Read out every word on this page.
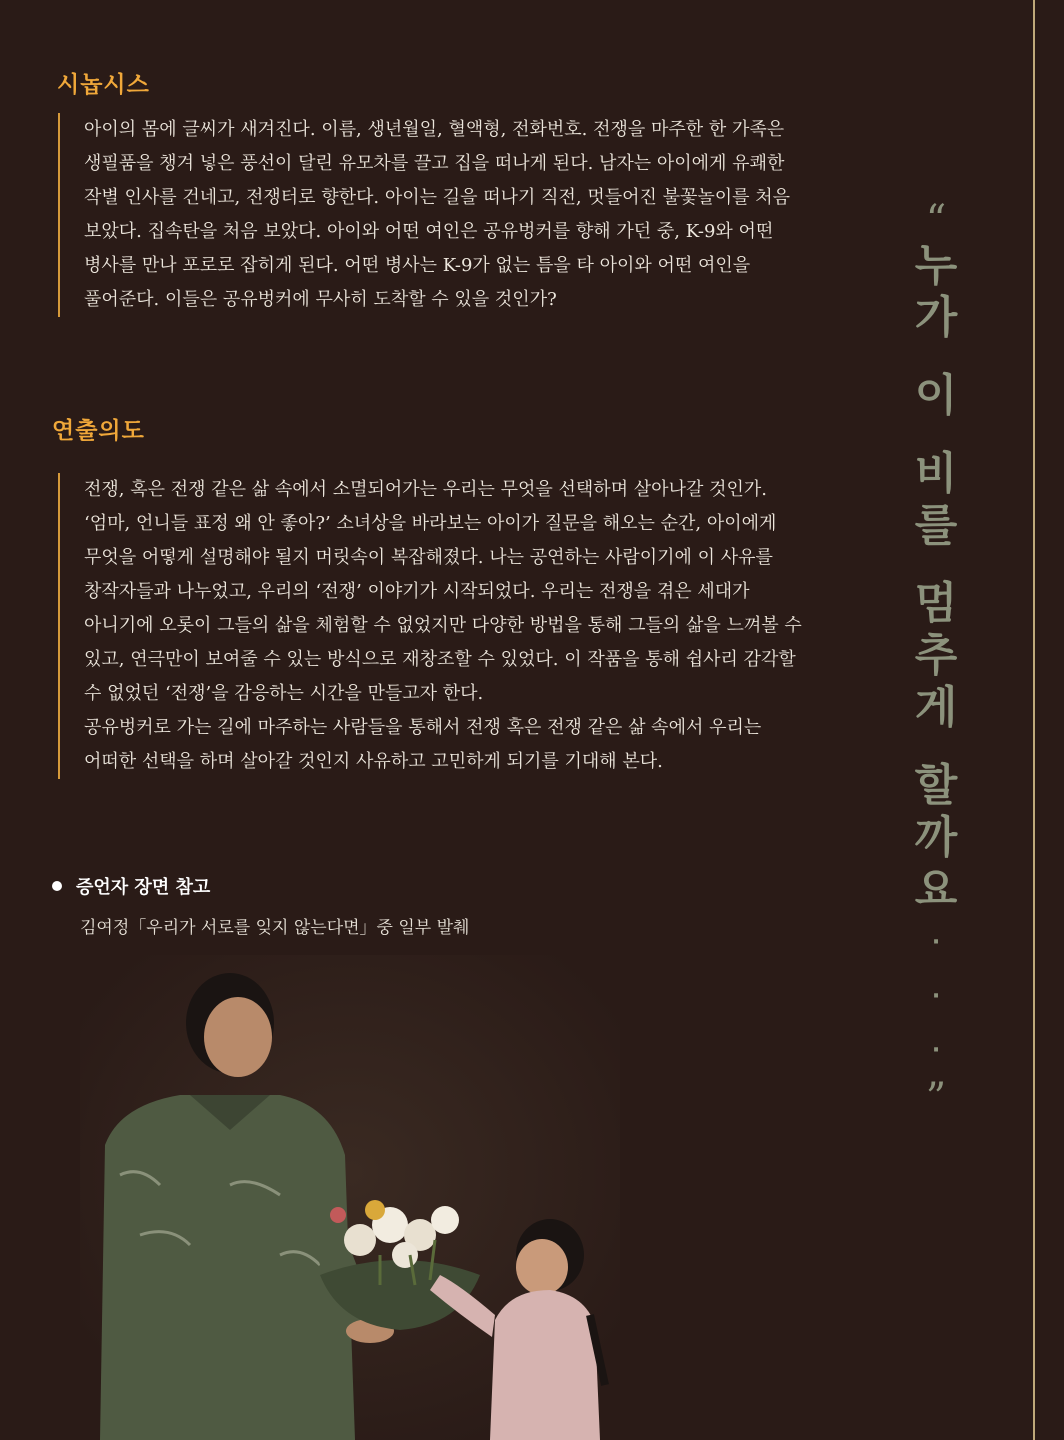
시놉시스

아이의 몸에 글씨가 새겨진다. 이름, 생년월일, 혈액형, 전화번호. 전쟁을 마주한 한 가족은

생필품을 챙겨 넣은 풍선이 달린 유모차를 끌고 집을 떠나게 된다. 남자는 아이에게 유쾌한

작별 인사를 건네고, 전쟁터로 향한다. 아이는 길을 떠나기 직전, 멋들어진 불꽃놀이를 처음

보았다. 집속탄을 처음 보았다. 아이와 어떤 여인은 공유벙커를 향해 가던 중, K-9와 어떤

병사를 만나 포로로 잡히게 된다. 어떤 병사는 K-9가 없는 틈을 타 아이와 어떤 여인을

풀어준다. 이들은 공유벙커에 무사히 도착할 수 있을 것인가?

연출의도

전쟁, 혹은 전쟁 같은 삶 속에서 소멸되어가는 우리는 무엇을 선택하며 살아나갈 것인가.

‘엄마, 언니들 표정 왜 안 좋아?’ 소녀상을 바라보는 아이가 질문을 해오는 순간, 아이에게

무엇을 어떻게 설명해야 될지 머릿속이 복잡해졌다. 나는 공연하는 사람이기에 이 사유를

창작자들과 나누었고, 우리의 ‘전쟁’ 이야기가 시작되었다. 우리는 전쟁을 겪은 세대가

아니기에 오롯이 그들의 삶을 체험할 수 없었지만 다양한 방법을 통해 그들의 삶을 느껴볼 수

있고, 연극만이 보여줄 수 있는 방식으로 재창조할 수 있었다. 이 작품을 통해 쉽사리 감각할

수 없었던 ‘전쟁’을 감응하는 시간을 만들고자 한다.

공유벙커로 가는 길에 마주하는 사람들을 통해서 전쟁 혹은 전쟁 같은 삶 속에서 우리는

어떠한 선택을 하며 살아갈 것인지 사유하고 고민하게 되기를 기대해 본다.

“
누
가
이
비
를
멈
추
게
할
까
요
·
·
·
”
증언자 장면 참고
김여정「우리가 서로를 잊지 않는다면」중 일부 발췌
